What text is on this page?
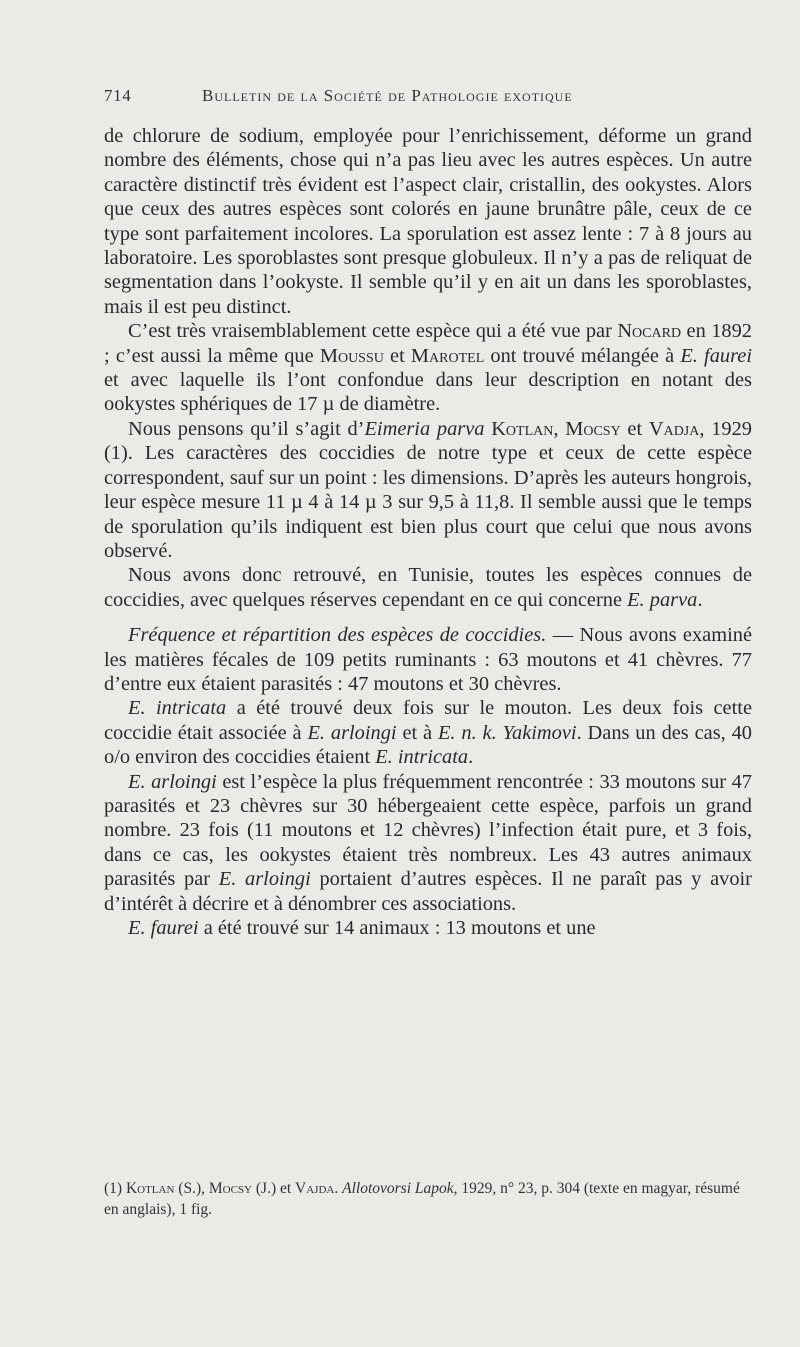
714	Bulletin de la Société de Pathologie exotique

de chlorure de sodium, employée pour l’enrichissement, déforme un grand nombre des éléments, chose qui n’a pas lieu avec les autres espèces. Un autre caractère distinctif très évident est l’aspect clair, cristallin, des ookystes. Alors que ceux des autres espèces sont colorés en jaune brunâtre pâle, ceux de ce type sont parfaitement incolores. La sporulation est assez lente : 7 à 8 jours au laboratoire. Les sporoblastes sont presque globuleux. Il n’y a pas de reliquat de segmentation dans l’ookyste. Il semble qu’il y en ait un dans les sporoblastes, mais il est peu distinct.

C’est très vraisemblablement cette espèce qui a été vue par Nocard en 1892 ; c’est aussi la même que Moussu et Marotel ont trouvé mélangée à E. faurei et avec laquelle ils l’ont confondue dans leur description en notant des ookystes sphériques de 17 µ de diamètre.

Nous pensons qu’il s’agit d’Eimeria parva Kotlan, Mocsy et Vadja, 1929 (1). Les caractères des coccidies de notre type et ceux de cette espèce correspondent, sauf sur un point : les dimensions. D’après les auteurs hongrois, leur espèce mesure 11 µ 4 à 14 µ 3 sur 9,5 à 11,8. Il semble aussi que le temps de sporulation qu’ils indiquent est bien plus court que celui que nous avons observé.

Nous avons donc retrouvé, en Tunisie, toutes les espèces connues de coccidies, avec quelques réserves cependant en ce qui concerne E. parva.

Fréquence et répartition des espèces de coccidies. — Nous avons examiné les matières fécales de 109 petits ruminants : 63 moutons et 41 chèvres. 77 d’entre eux étaient parasités : 47 moutons et 30 chèvres.

E. intricata a été trouvé deux fois sur le mouton. Les deux fois cette coccidie était associée à E. arloingi et à E. n. k. Yakimovi. Dans un des cas, 40 o/o environ des coccidies étaient E. intricata.

E. arloingi est l’espèce la plus fréquemment rencontrée : 33 moutons sur 47 parasités et 23 chèvres sur 30 hébergeaient cette espèce, parfois un grand nombre. 23 fois (11 moutons et 12 chèvres) l’infection était pure, et 3 fois, dans ce cas, les ookystes étaient très nombreux. Les 43 autres animaux parasités par E. arloingi portaient d’autres espèces. Il ne paraît pas y avoir d’intérêt à décrire et à dénombrer ces associations.

E. faurei a été trouvé sur 14 animaux : 13 moutons et une

(1) Kotlan (S.), Mocsy (J.) et Vajda. Allotovorsi Lapok, 1929, n° 23, p. 304 (texte en magyar, résumé en anglais), 1 fig.
